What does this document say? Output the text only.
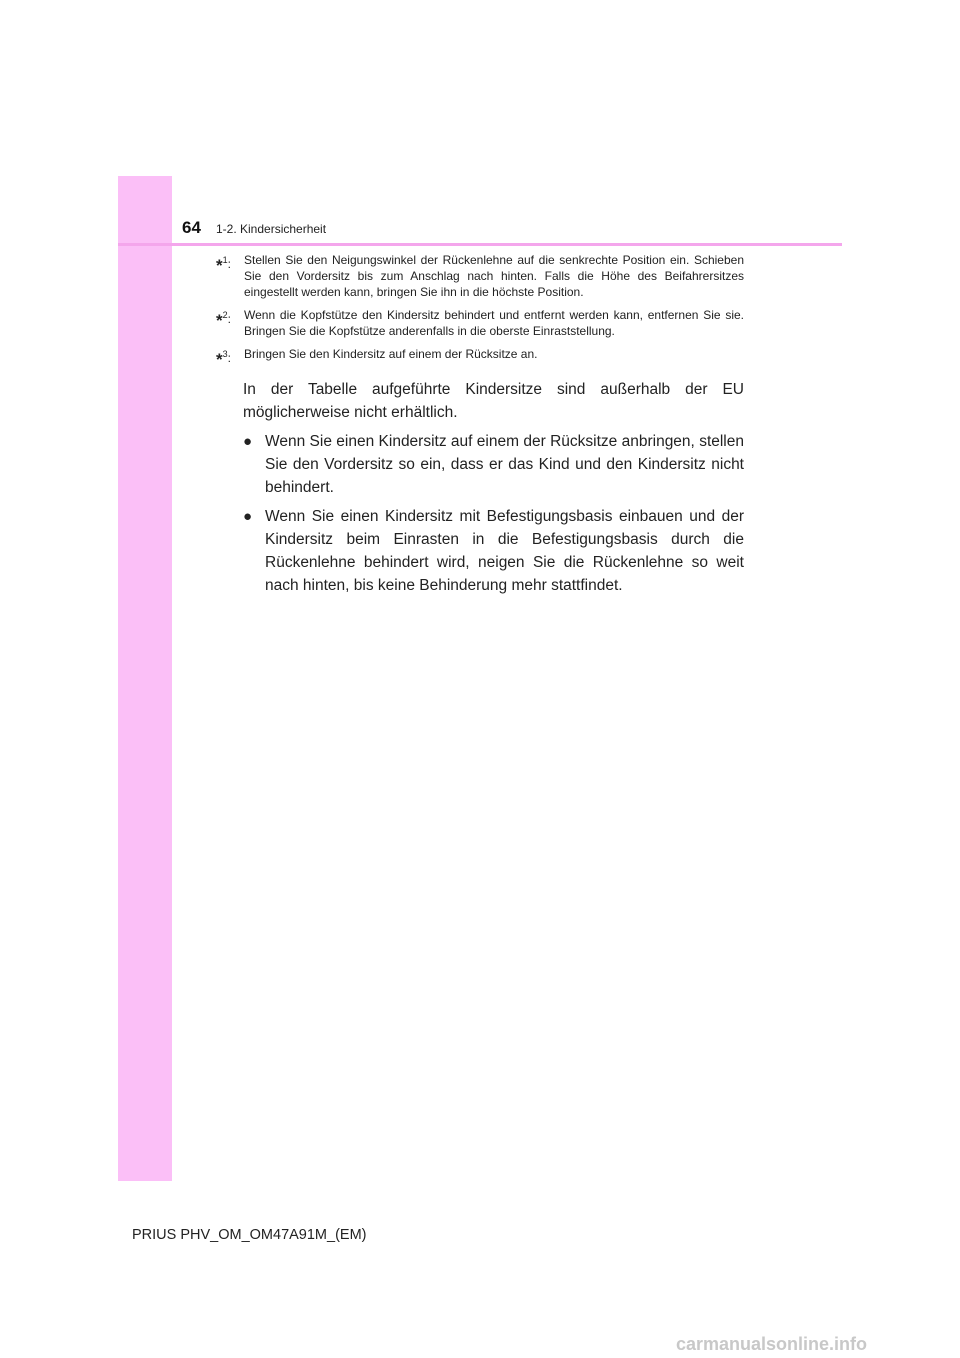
64 1-2. Kindersicherheit
*$^1$:	Stellen Sie den Neigungswinkel der Rückenlehne auf die senkrechte Position ein. Schieben Sie den Vordersitz bis zum Anschlag nach hinten. Falls die Höhe des Beifahrersitzes eingestellt werden kann, bringen Sie ihn in die höchste Position.
*$^2$:	Wenn die Kopfstütze den Kindersitz behindert und entfernt werden kann, entfernen Sie sie. Bringen Sie die Kopfstütze anderenfalls in die oberste Einraststellung.
*$^3$:	Bringen Sie den Kindersitz auf einem der Rücksitze an.
In der Tabelle aufgeführte Kindersitze sind außerhalb der EU möglicherweise nicht erhältlich.
● Wenn Sie einen Kindersitz auf einem der Rücksitze anbringen, stellen Sie den Vordersitz so ein, dass er das Kind und den Kindersitz nicht behindert.
● Wenn Sie einen Kindersitz mit Befestigungsbasis einbauen und der Kindersitz beim Einrasten in die Befestigungsbasis durch die Rückenlehne behindert wird, neigen Sie die Rückenlehne so weit nach hinten, bis keine Behinderung mehr stattfindet.
PRIUS PHV_OM_OM47A91M_(EM)
carmanualsonline.info
